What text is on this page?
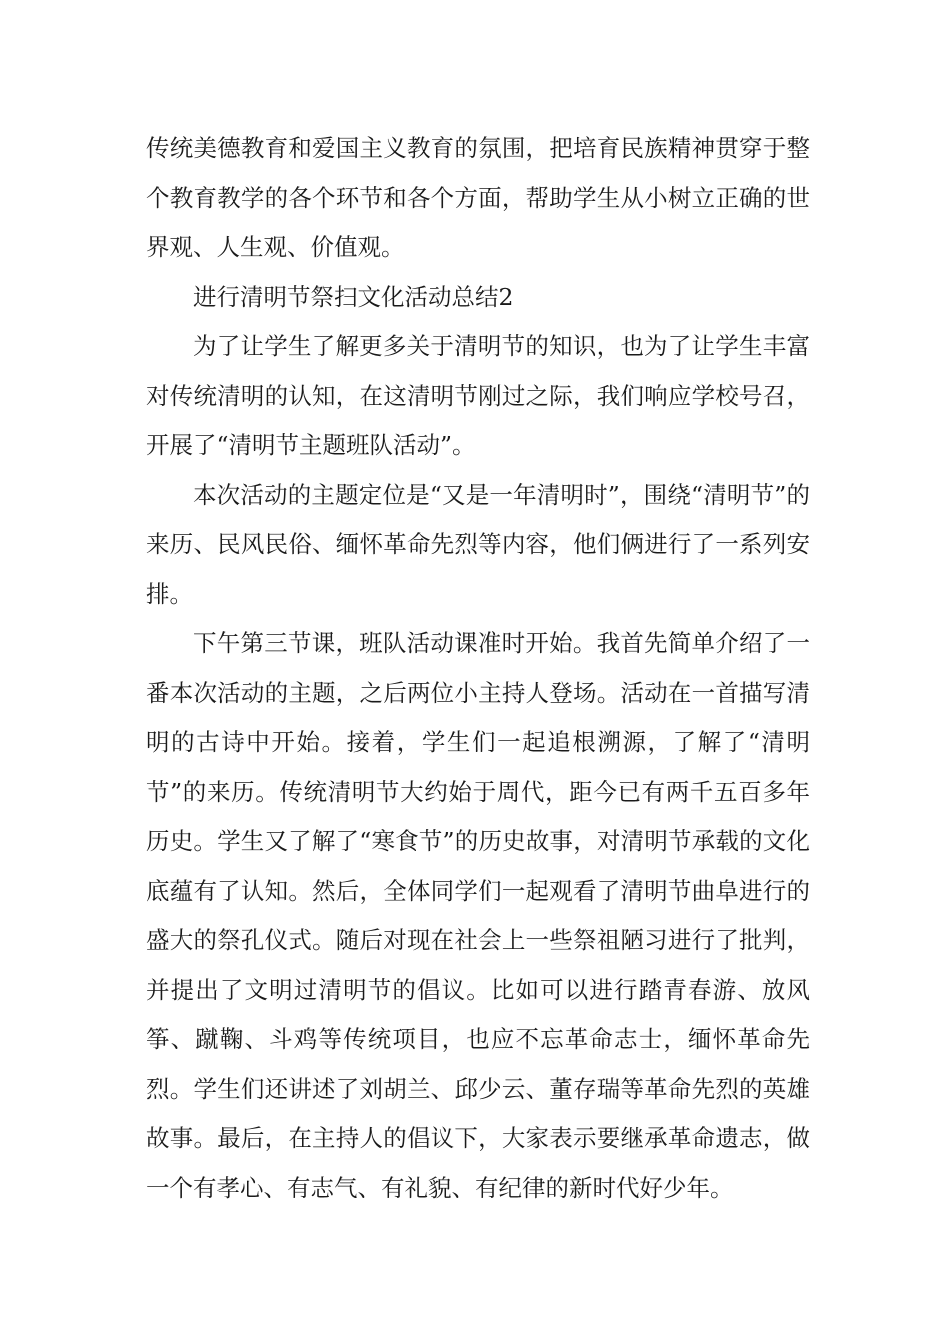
传统美德教育和爱国主义教育的氛围，把培育民族精神贯穿于整个教育教学的各个环节和各个方面，帮助学生从小树立正确的世界观、人生观、价值观。

进行清明节祭扫文化活动总结2

为了让学生了解更多关于清明节的知识，也为了让学生丰富对传统清明的认知，在这清明节刚过之际，我们响应学校号召，开展了“清明节主题班队活动”。

本次活动的主题定位是“又是一年清明时”，围绕“清明节”的来历、民风民俗、缅怀革命先烈等内容，他们俩进行了一系列安排。

下午第三节课，班队活动课准时开始。我首先简单介绍了一番本次活动的主题，之后两位小主持人登场。活动在一首描写清明的古诗中开始。接着，学生们一起追根溯源，了解了“清明节”的来历。传统清明节大约始于周代，距今已有两千五百多年历史。学生又了解了“寒食节”的历史故事，对清明节承载的文化底蕴有了认知。然后，全体同学们一起观看了清明节曲阜进行的盛大的祭孔仪式。随后对现在社会上一些祭祖陋习进行了批判，并提出了文明过清明节的倡议。比如可以进行踏青春游、放风筝、蹴鞠、斗鸡等传统项目，也应不忘革命志士，缅怀革命先烈。学生们还讲述了刘胡兰、邱少云、董存瑞等革命先烈的英雄故事。最后，在主持人的倡议下，大家表示要继承革命遗志，做一个有孝心、有志气、有礼貌、有纪律的新时代好少年。
